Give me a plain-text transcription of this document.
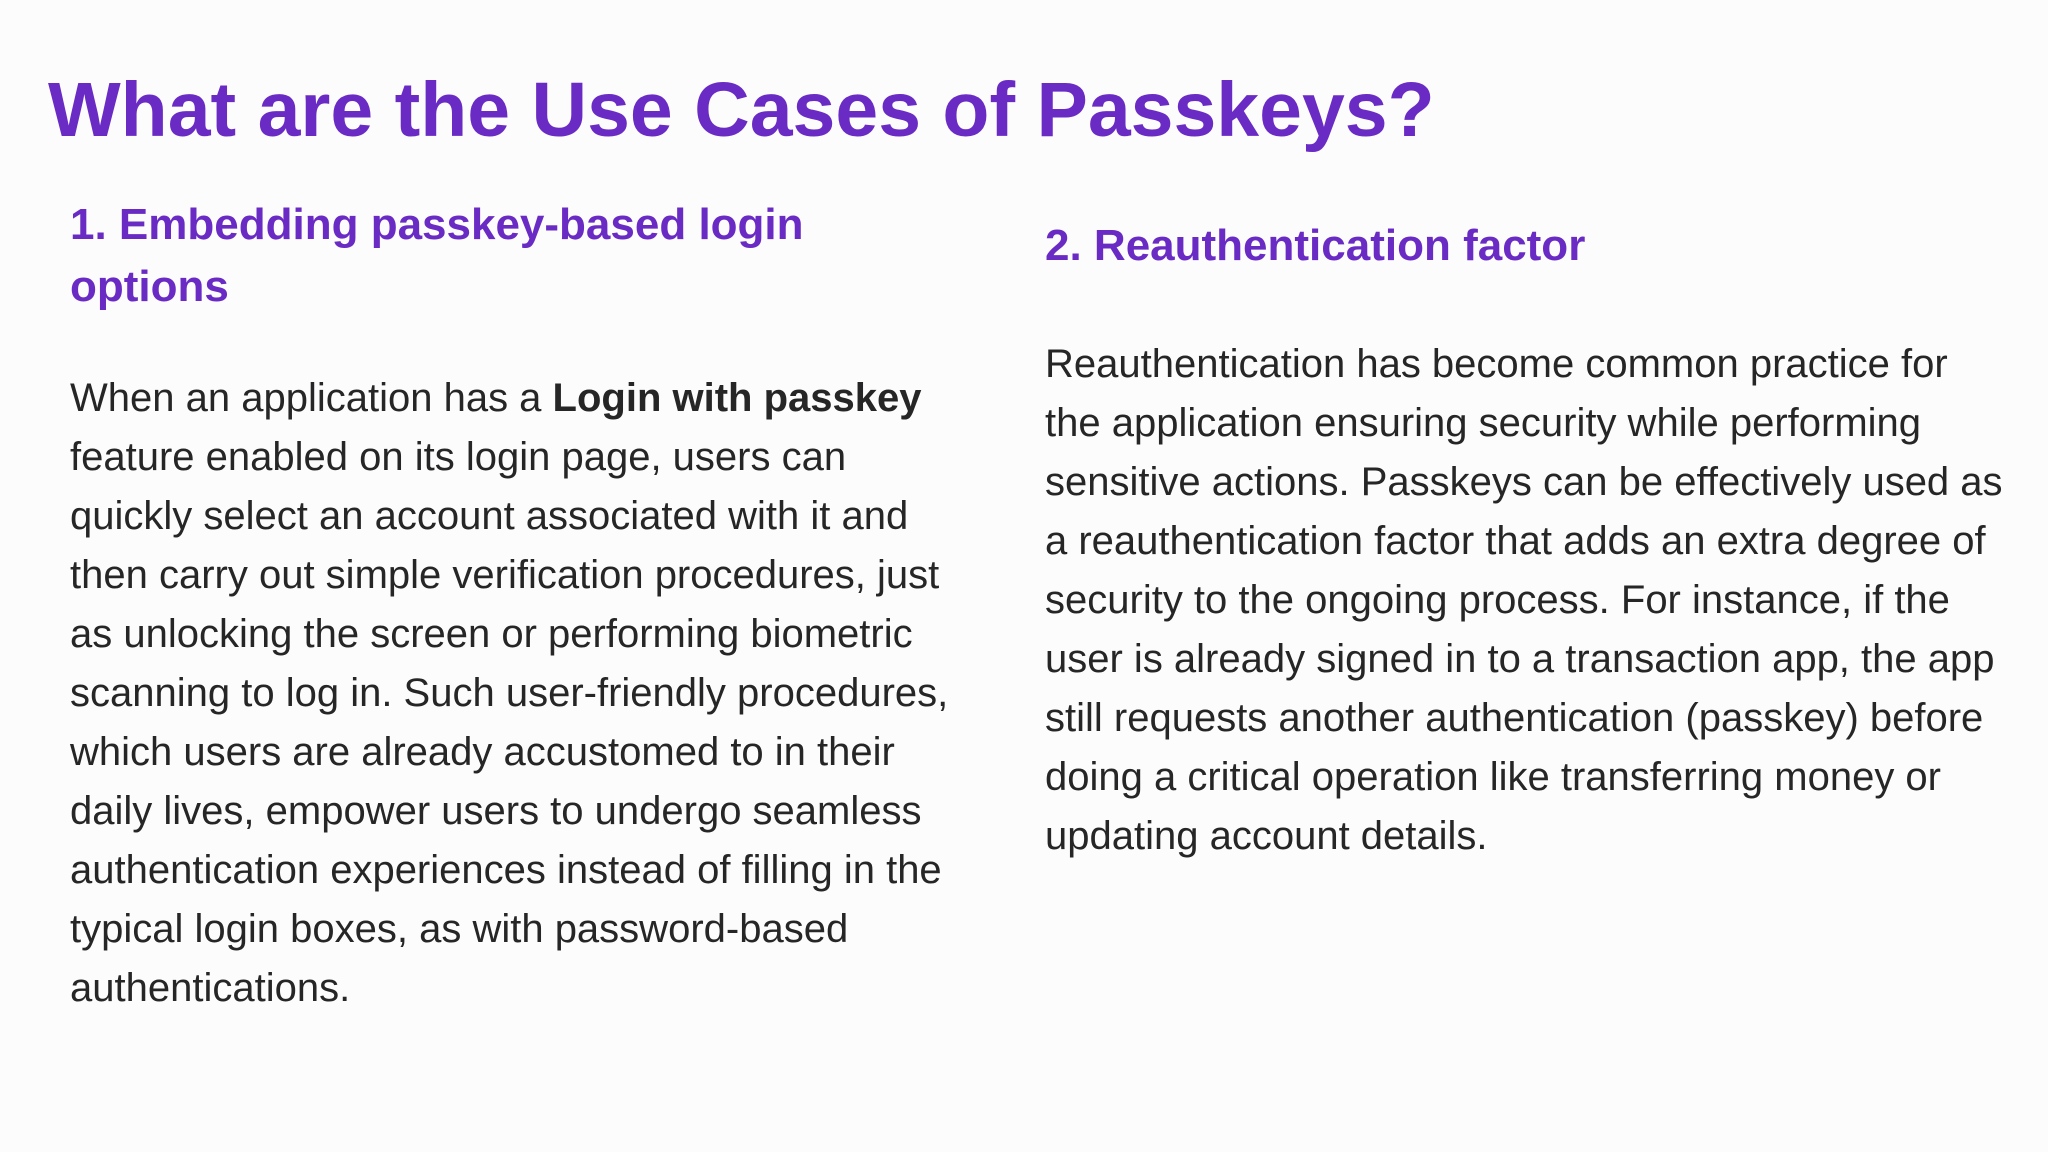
What are the Use Cases of Passkeys?
1. Embedding passkey-based login
options

When an application has a Login with passkey feature enabled on its login page, users can quickly select an account associated with it and then carry out simple verification procedures, just as unlocking the screen or performing biometric scanning to log in. Such user-friendly procedures, which users are already accustomed to in their daily lives, empower users to undergo seamless authentication experiences instead of filling in the typical login boxes, as with password-based authentications.

2. Reauthentication factor

Reauthentication has become common practice for the application ensuring security while performing sensitive actions. Passkeys can be effectively used as a reauthentication factor that adds an extra degree of security to the ongoing process. For instance, if the user is already signed in to a transaction app, the app still requests another authentication (passkey) before doing a critical operation like transferring money or updating account details.
